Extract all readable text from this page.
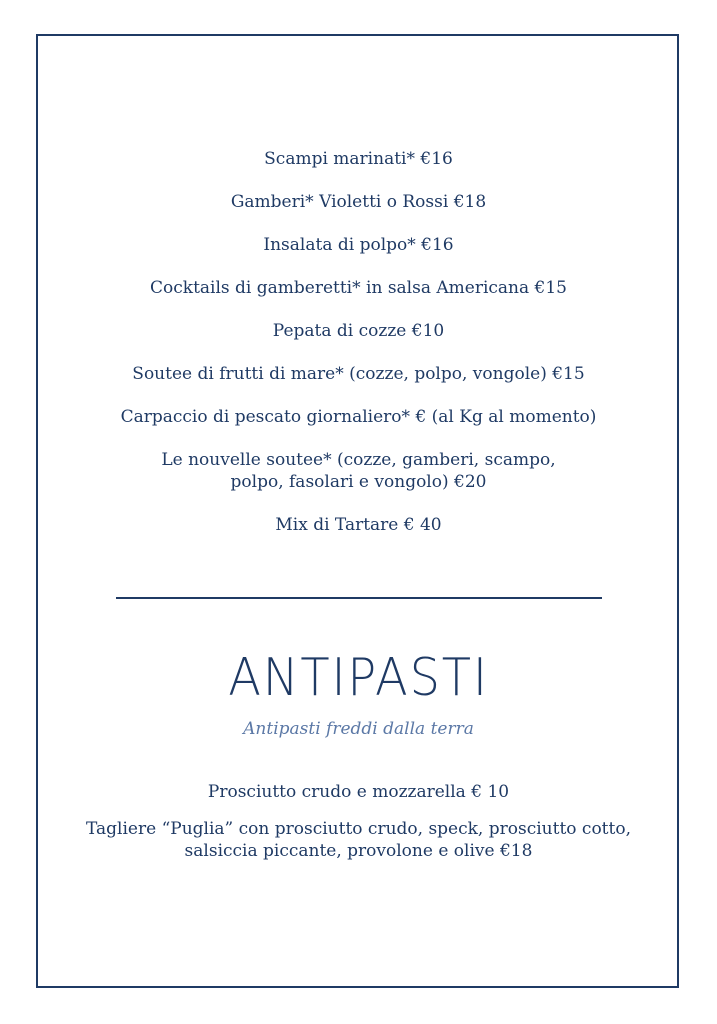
Scampi marinati* €16
Gamberi* Violetti o Rossi €18
Insalata di polpo* €16
Cocktails di gamberetti* in salsa Americana €15
Pepata di cozze €10
Soutee di frutti di mare* (cozze, polpo, vongole) €15
Carpaccio di pescato giornaliero* € (al Kg al momento)
Le nouvelle soutee* (cozze, gamberi, scampo,
polpo, fasolari e vongolo) €20
Mix di Tartare € 40
ANTIPASTI
Antipasti freddi dalla terra
Prosciutto crudo e mozzarella € 10
Tagliere “Puglia” con prosciutto crudo, speck, prosciutto cotto,
salsiccia piccante, provolone e olive €18
